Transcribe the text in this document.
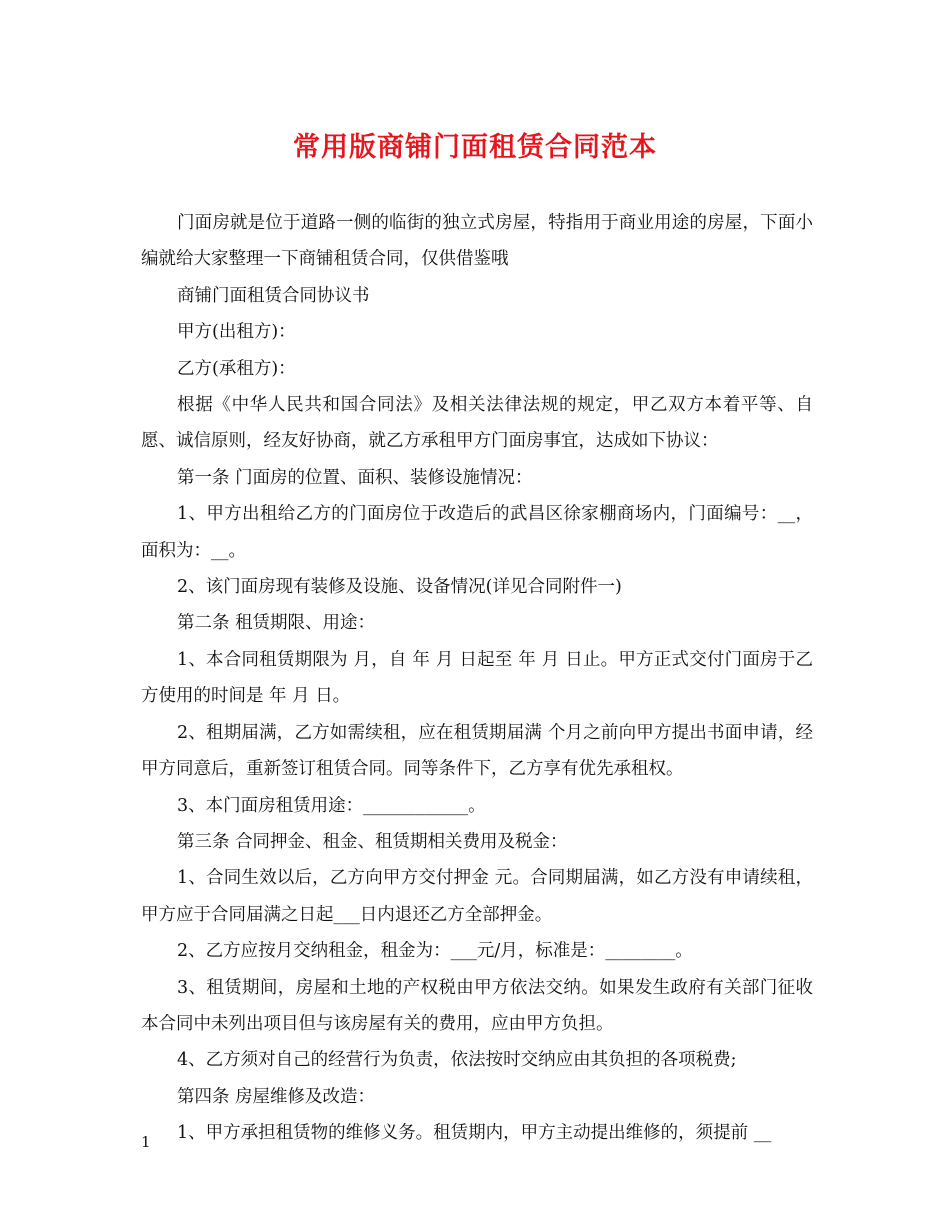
常用版商铺门面租赁合同范本

门面房就是位于道路一侧的临街的独立式房屋，特指用于商业用途的房屋，下面小编就给大家整理一下商铺租赁合同，仅供借鉴哦

商铺门面租赁合同协议书

甲方(出租方)：

乙方(承租方)：

根据《中华人民共和国合同法》及相关法律法规的规定，甲乙双方本着平等、自愿、诚信原则，经友好协商，就乙方承租甲方门面房事宜，达成如下协议：

第一条 门面房的位置、面积、装修设施情况：

1、甲方出租给乙方的门面房位于改造后的武昌区徐家棚商场内，门面编号：__，面积为：__。

2、该门面房现有装修及设施、设备情况(详见合同附件一)

第二条 租赁期限、用途：

1、本合同租赁期限为 月，自 年 月 日起至 年 月 日止。甲方正式交付门面房于乙方使用的时间是 年 月 日。

2、租期届满，乙方如需续租，应在租赁期届满 个月之前向甲方提出书面申请，经甲方同意后，重新签订租赁合同。同等条件下，乙方享有优先承租权。

3、本门面房租赁用途：____________。

第三条 合同押金、租金、租赁期相关费用及税金：

1、合同生效以后，乙方向甲方交付押金 元。合同期届满，如乙方没有申请续租，甲方应于合同届满之日起___日内退还乙方全部押金。

2、乙方应按月交纳租金，租金为：___元/月，标准是：________。

3、租赁期间，房屋和土地的产权税由甲方依法交纳。如果发生政府有关部门征收本合同中未列出项目但与该房屋有关的费用，应由甲方负担。

4、乙方须对自己的经营行为负责，依法按时交纳应由其负担的各项税费;

第四条 房屋维修及改造：

1、甲方承担租赁物的维修义务。租赁期内，甲方主动提出维修的，须提前 __

1
